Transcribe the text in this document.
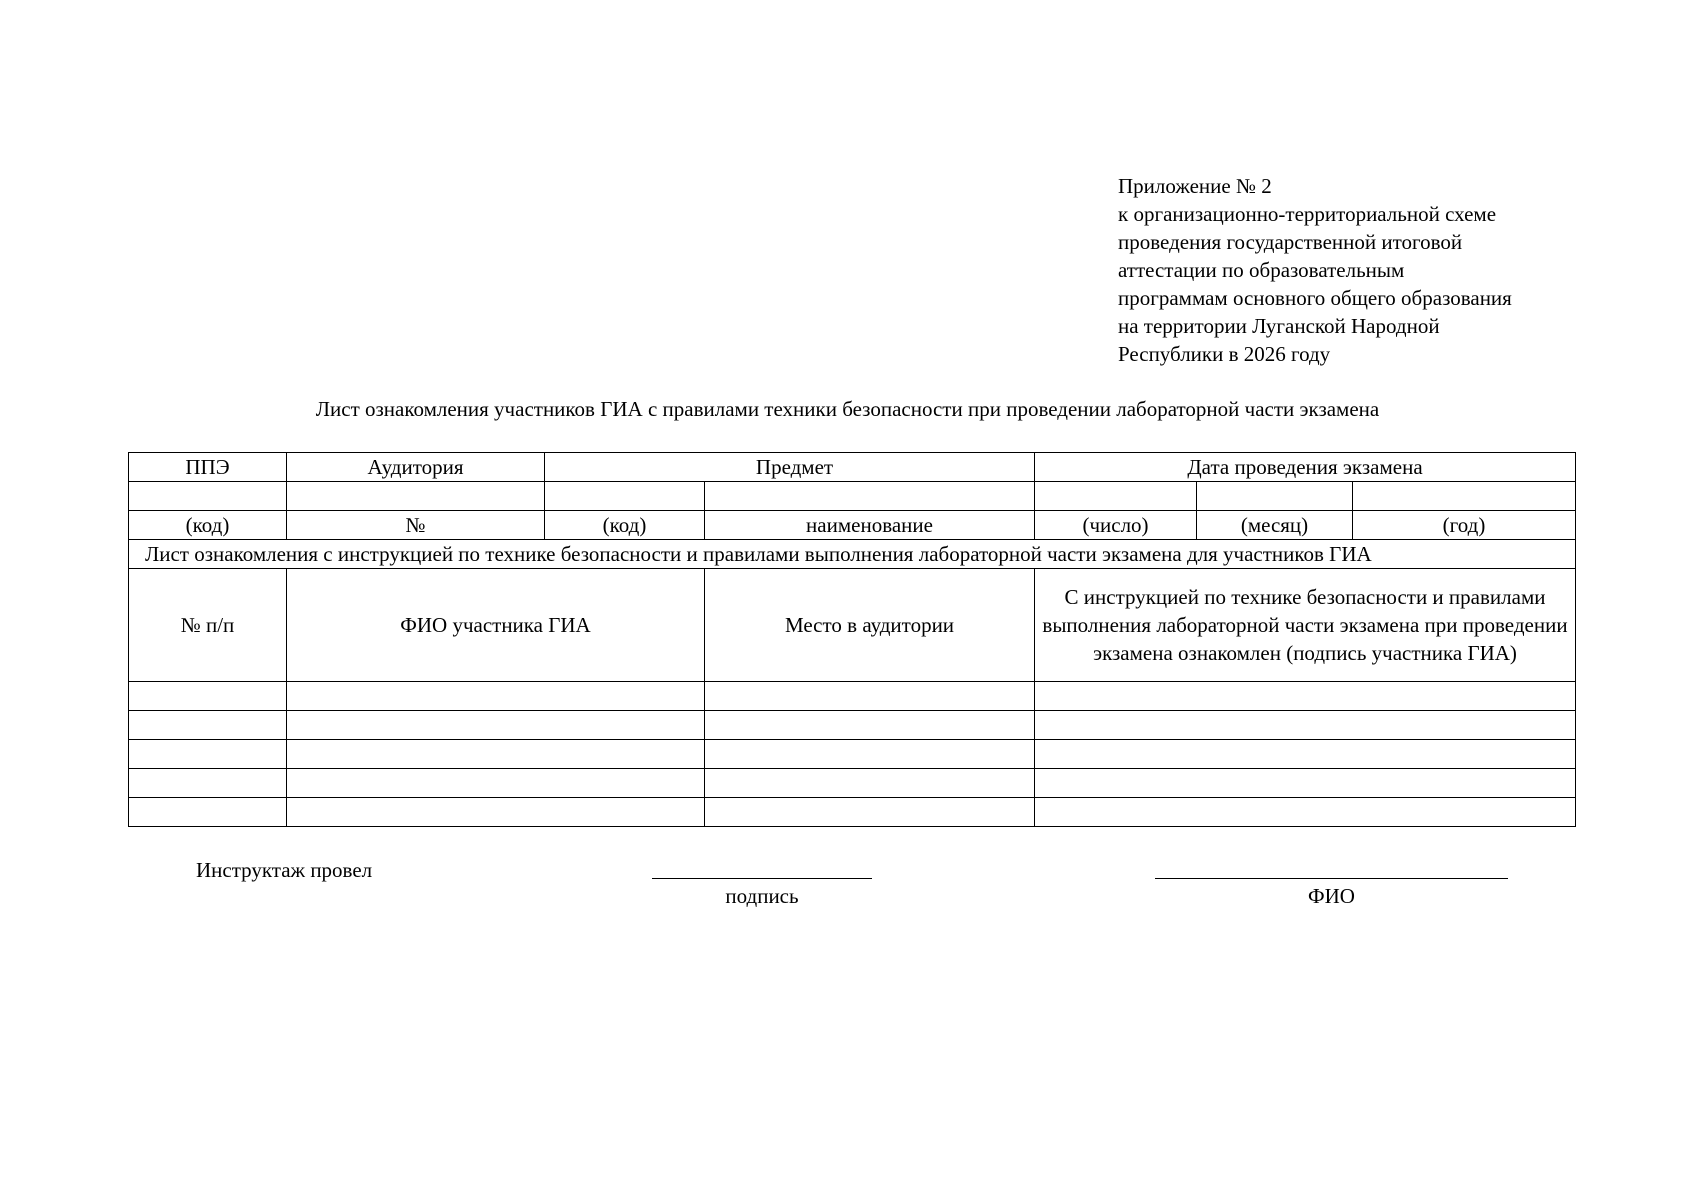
Приложение № 2
к организационно-территориальной схеме
проведения государственной итоговой
аттестации по образовательным
программам основного общего образования
на территории Луганской Народной
Республики в 2026 году
Лист ознакомления участников ГИА с правилами техники безопасности при проведении лабораторной части экзамена
ППЭ	Аудитория	Предмет		Дата проведения экзамена		

(код)	№	(код)	наименование	(число)	(месяц)	(год)
Лист ознакомления с инструкцией по технике безопасности и правилами выполнения лабораторной части экзамена для участников ГИА						
№ п/п	ФИО участника ГИА		Место в аудитории	С инструкцией по технике безопасности и правилами выполнения лабораторной части экзамена при проведении экзамена ознакомлен (подпись участника ГИА)		

Инструктаж провел
подпись	ФИО
